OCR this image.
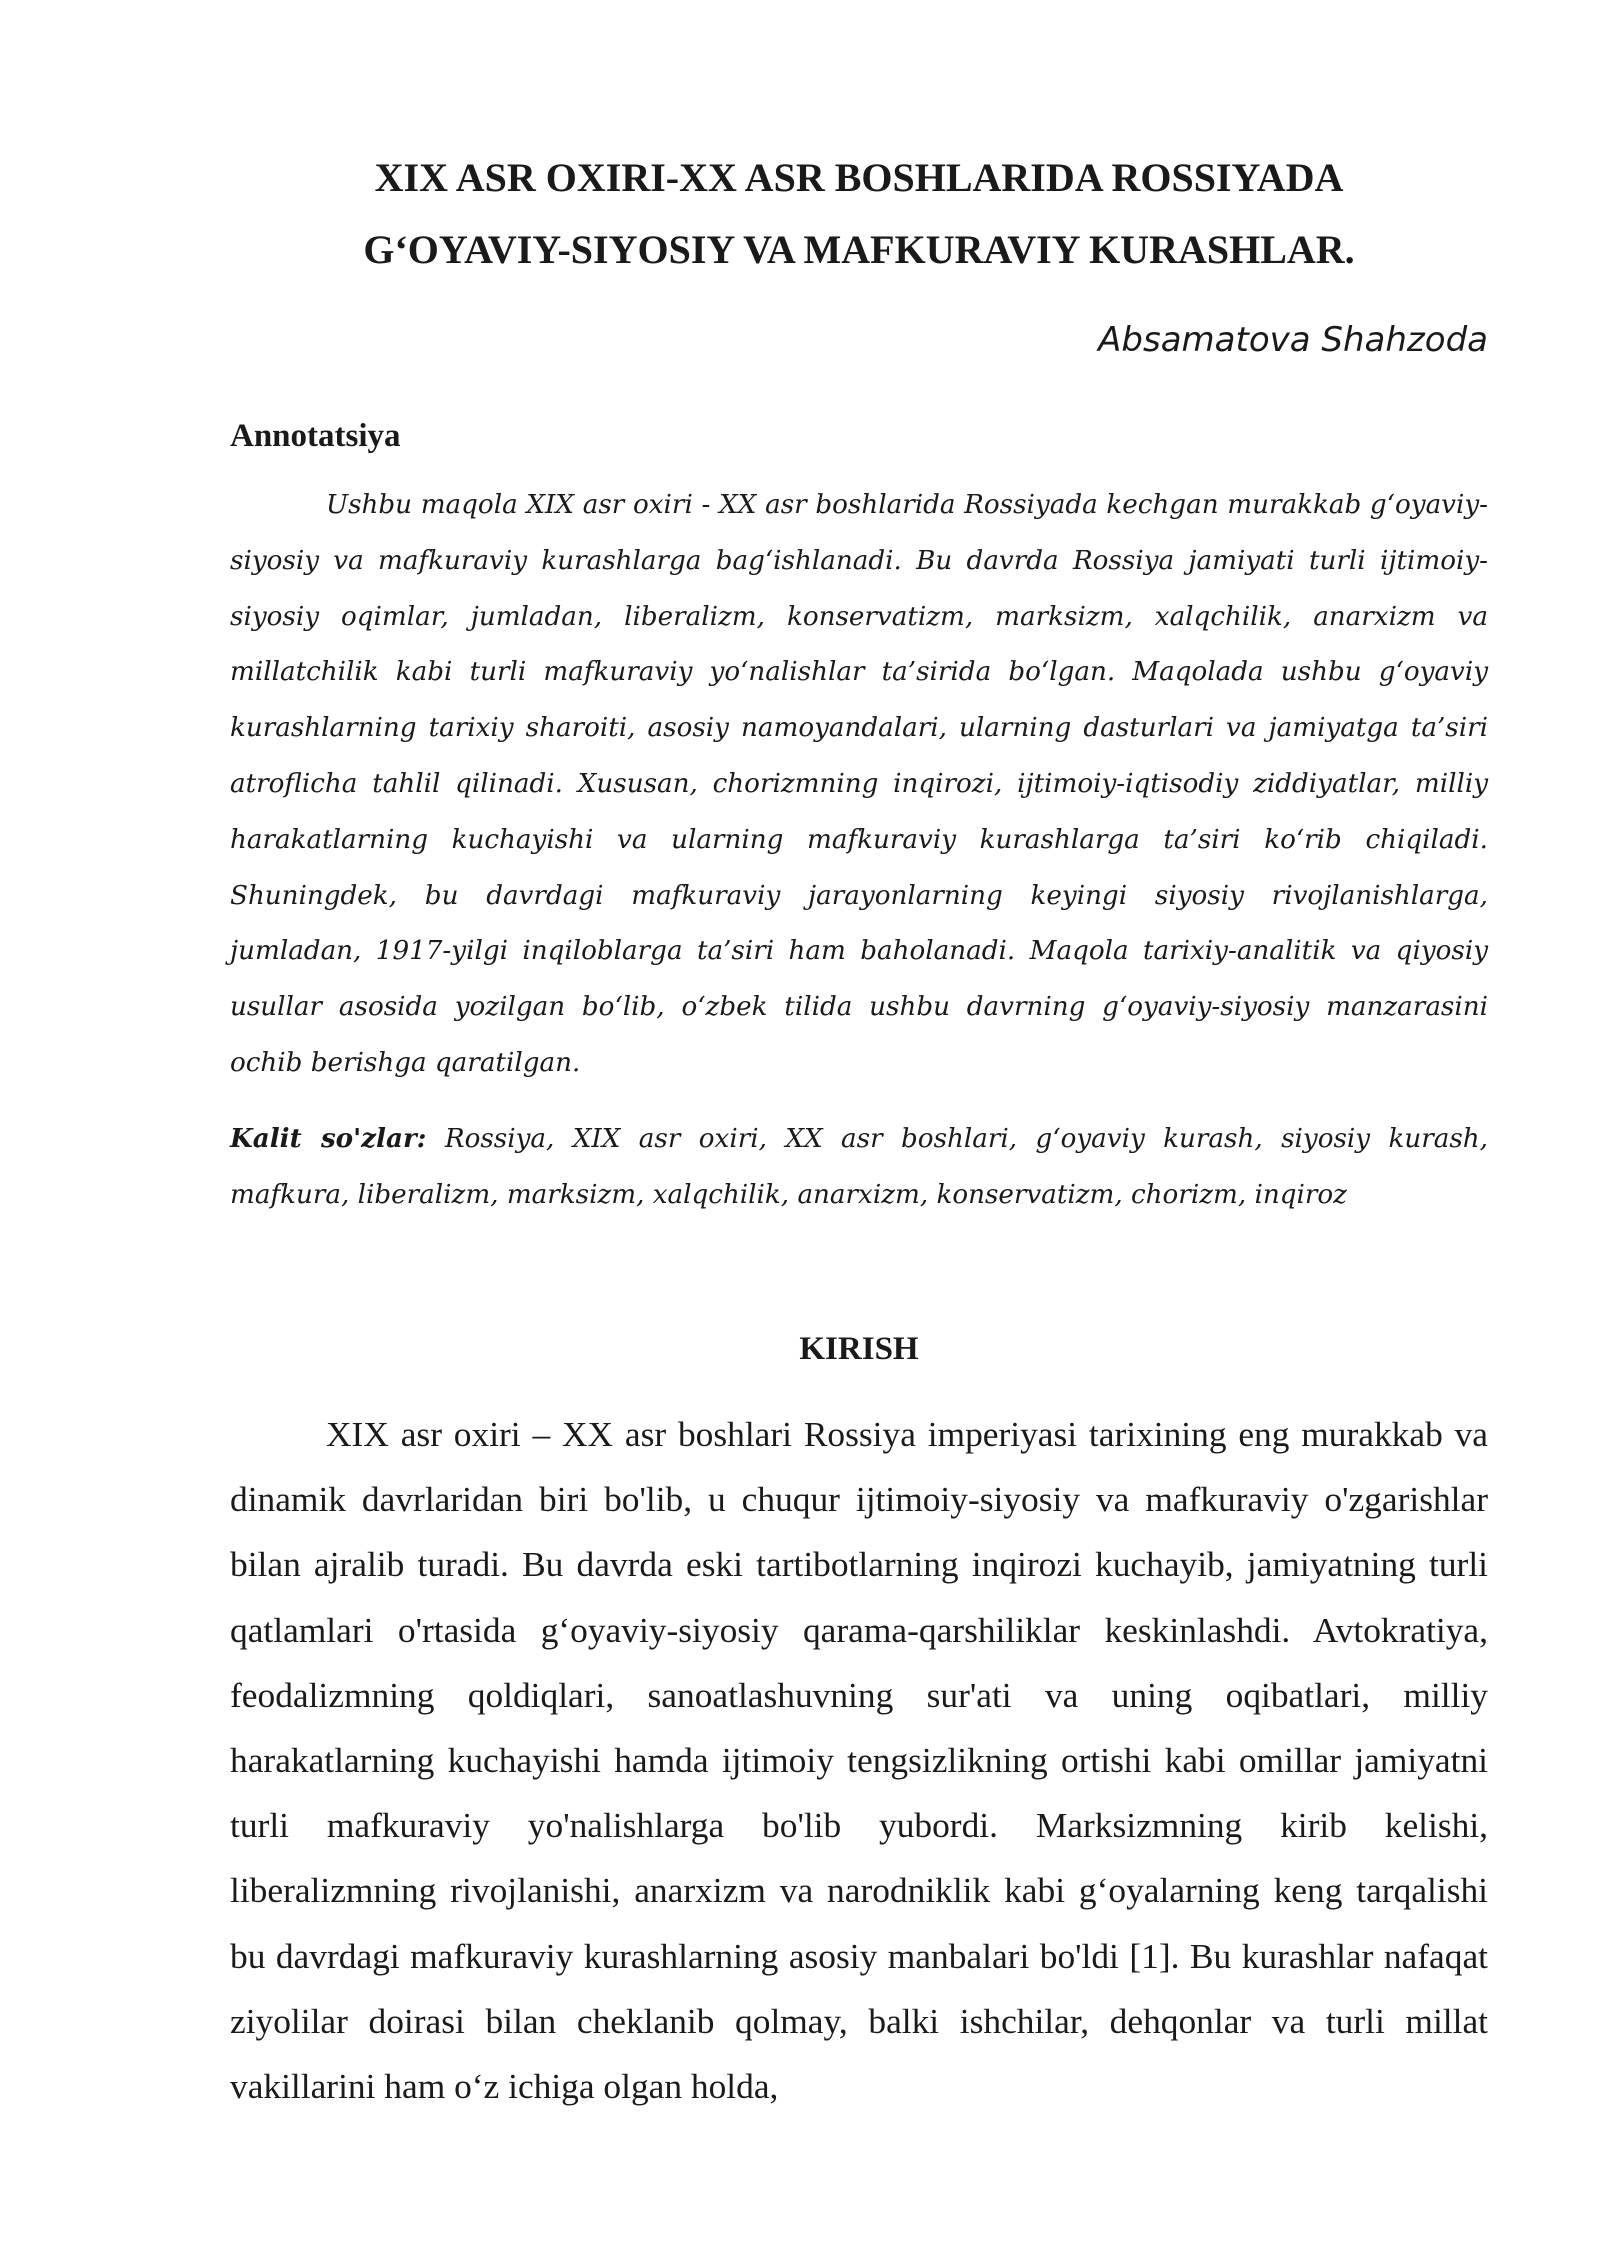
XIX ASR OXIRI-XX ASR BOSHLARIDA ROSSIYADA
G‘OYAVIY-SIYOSIY VA MAFKURAVIY KURASHLAR.

Absamatova Shahzoda

Annotatsiya

Ushbu maqola XIX asr oxiri - XX asr boshlarida Rossiyada kechgan murakkab g‘oyaviy-siyosiy va mafkuraviy kurashlarga bag‘ishlanadi. Bu davrda Rossiya jamiyati turli ijtimoiy-siyosiy oqimlar, jumladan, liberalizm, konservatizm, marksizm, xalqchilik, anarxizm va millatchilik kabi turli mafkuraviy yo‘nalishlar ta’sirida bo‘lgan. Maqolada ushbu g‘oyaviy kurashlarning tarixiy sharoiti, asosiy namoyandalari, ularning dasturlari va jamiyatga ta’siri atroflicha tahlil qilinadi. Xususan, chorizmning inqirozi, ijtimoiy-iqtisodiy ziddiyatlar, milliy harakatlarning kuchayishi va ularning mafkuraviy kurashlarga ta’siri ko‘rib chiqiladi. Shuningdek, bu davrdagi mafkuraviy jarayonlarning keyingi siyosiy rivojlanishlarga, jumladan, 1917-yilgi inqiloblarga ta’siri ham baholanadi. Maqola tarixiy-analitik va qiyosiy usullar asosida yozilgan bo‘lib, o‘zbek tilida ushbu davrning g‘oyaviy-siyosiy manzarasini ochib berishga qaratilgan.

Kalit so'zlar: Rossiya, XIX asr oxiri, XX asr boshlari, g‘oyaviy kurash, siyosiy kurash, mafkura, liberalizm, marksizm, xalqchilik, anarxizm, konservatizm, chorizm, inqiroz

KIRISH

XIX asr oxiri – XX asr boshlari Rossiya imperiyasi tarixining eng murakkab va dinamik davrlaridan biri bo'lib, u chuqur ijtimoiy-siyosiy va mafkuraviy o'zgarishlar bilan ajralib turadi. Bu davrda eski tartibotlarning inqirozi kuchayib, jamiyatning turli qatlamlari o'rtasida g‘oyaviy-siyosiy qarama-qarshiliklar keskinlashdi. Avtokratiya, feodalizmning qoldiqlari, sanoatlashuvning sur'ati va uning oqibatlari, milliy harakatlarning kuchayishi hamda ijtimoiy tengsizlikning ortishi kabi omillar jamiyatni turli mafkuraviy yo'nalishlarga bo'lib yubordi. Marksizmning kirib kelishi, liberalizmning rivojlanishi, anarxizm va narodniklik kabi g‘oyalarning keng tarqalishi bu davrdagi mafkuraviy kurashlarning asosiy manbalari bo'ldi [1]. Bu kurashlar nafaqat ziyolilar doirasi bilan cheklanib qolmay, balki ishchilar, dehqonlar va turli millat vakillarini ham o‘z ichiga olgan holda,
